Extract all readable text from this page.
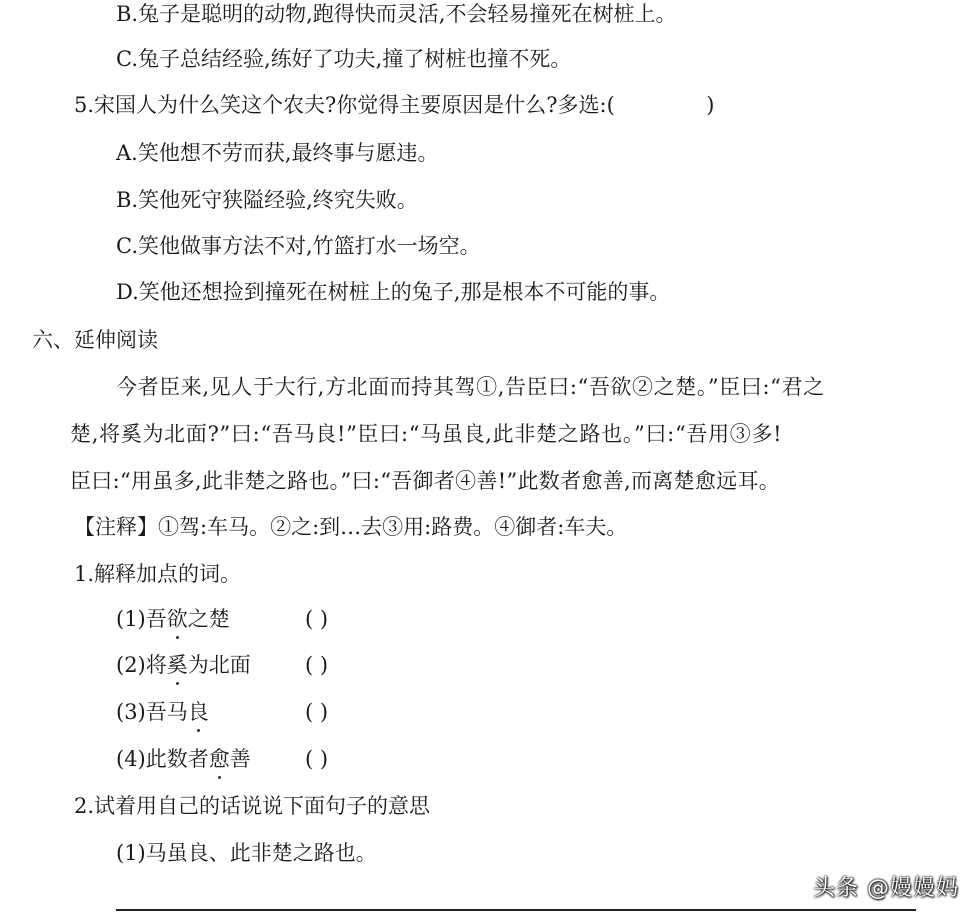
B.兔子是聪明的动物,跑得快而灵活,不会轻易撞死在树桩上。
C.兔子总结经验,练好了功夫,撞了树桩也撞不死。
5.宋国人为什么笑这个农夫?你觉得主要原因是什么?多选:(	)
A.笑他想不劳而获,最终事与愿违。
B.笑他死守狭隘经验,终究失败。
C.笑他做事方法不对,竹篮打水一场空。
D.笑他还想捡到撞死在树桩上的兔子,那是根本不可能的事。
六、延伸阅读
今者臣来,见人于大行,方北面而持其驾①,告臣曰:“吾欲②之楚。”臣曰:“君之
楚,将奚为北面?”曰:“吾马良!”臣曰:“马虽良,此非楚之路也。”曰:“吾用③多!
臣曰:“用虽多,此非楚之路也。”曰:“吾御者④善!”此数者愈善,而离楚愈远耳。
【注释】①驾:车马。②之:到…去③用:路费。④御者:车夫。
1.解释加点的词。
(1)吾欲之楚	( )
(2)将奚为北面	( )
(3)吾马良	( )
(4)此数者愈善	( )
2.试着用自己的话说说下面句子的意思
(1)马虽良、此非楚之路也。
头条 @嫚嫚妈
